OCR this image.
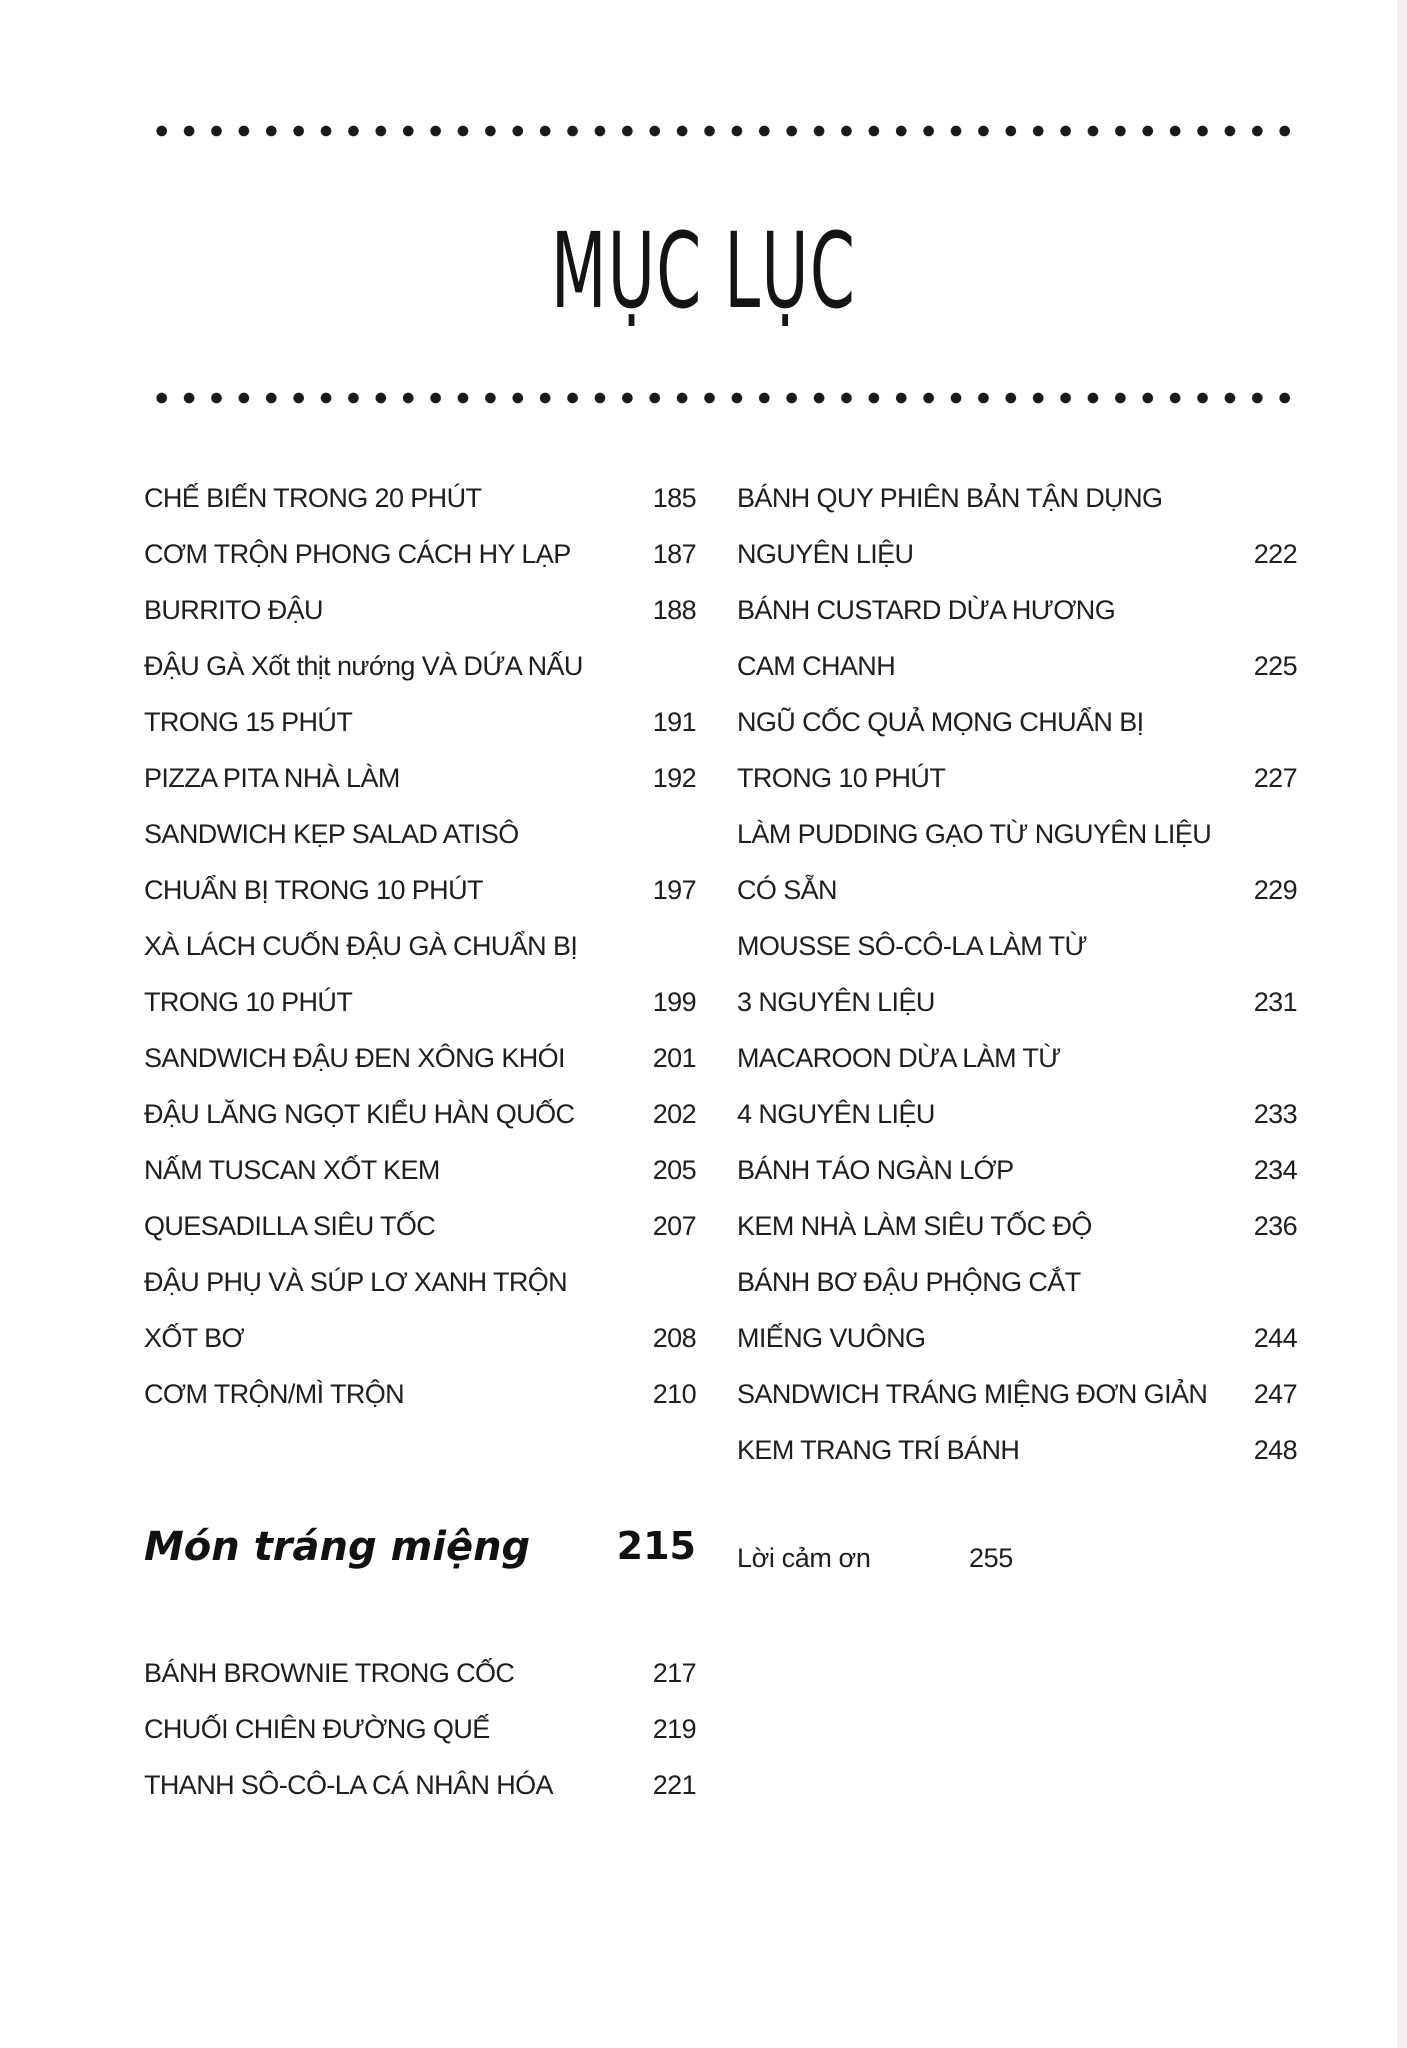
MỤC LỤC
CHẾ BIẾN TRONG 20 PHÚT	185
CƠM TRỘN PHONG CÁCH HY LẠP	187
BURRITO ĐẬU	188
ĐẬU GÀ Xốt thịt nướng VÀ DỨA NẤU
TRONG 15 PHÚT	191
PIZZA PITA NHÀ LÀM	192
SANDWICH KẸP SALAD ATISÔ
CHUẨN BỊ TRONG 10 PHÚT	197
XÀ LÁCH CUỐN ĐẬU GÀ CHUẨN BỊ
TRONG 10 PHÚT	199
SANDWICH ĐẬU ĐEN XÔNG KHÓI	201
ĐẬU LĂNG NGỌT KIỂU HÀN QUỐC	202
NẤM TUSCAN XỐT KEM	205
QUESADILLA SIÊU TỐC	207
ĐẬU PHỤ VÀ SÚP LƠ XANH TRỘN
XỐT BƠ	208
CƠM TRỘN/MÌ TRỘN	210
BÁNH QUY PHIÊN BẢN TẬN DỤNG
NGUYÊN LIỆU	222
BÁNH CUSTARD DỪA HƯƠNG
CAM CHANH	225
NGŨ CỐC QUẢ MỌNG CHUẨN BỊ
TRONG 10 PHÚT	227
LÀM PUDDING GẠO TỪ NGUYÊN LIỆU
CÓ SẴN	229
MOUSSE SÔ-CÔ-LA LÀM TỪ
3 NGUYÊN LIỆU	231
MACAROON DỪA LÀM TỪ
4 NGUYÊN LIỆU	233
BÁNH TÁO NGÀN LỚP	234
KEM NHÀ LÀM SIÊU TỐC ĐỘ	236
BÁNH BƠ ĐẬU PHỘNG CẮT
MIẾNG VUÔNG	244
SANDWICH TRÁNG MIỆNG ĐƠN GIẢN 247
KEM TRANG TRÍ BÁNH	248
Món tráng miệng 215
BÁNH BROWNIE TRONG CỐC	217
CHUỐI CHIÊN ĐƯỜNG QUẾ	219
THANH SÔ-CÔ-LA CÁ NHÂN HÓA	221
Lời cảm ơn	255
